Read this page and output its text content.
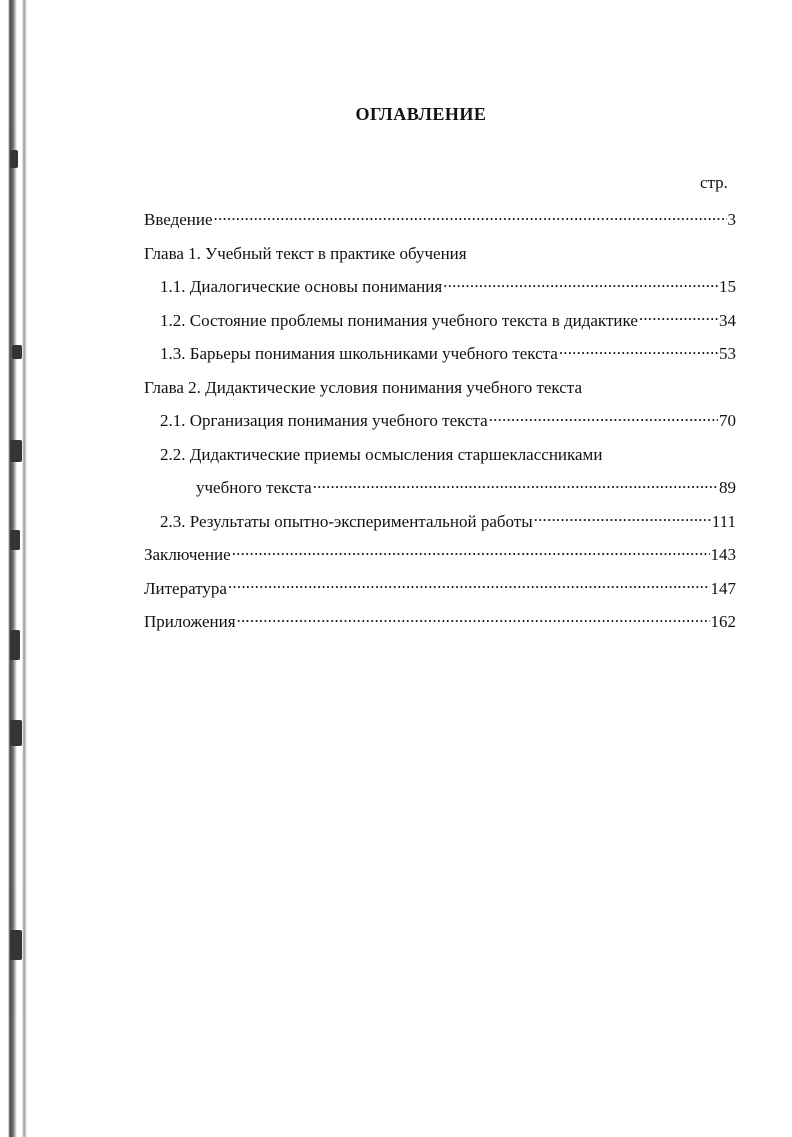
ОГЛАВЛЕНИЕ
стр.
Введение .....	3
Глава 1. Учебный текст в практике обучения
1.1. Диалогические основы понимания .....	15
1.2. Состояние проблемы понимания учебного текста в дидактике .....	34
1.3. Барьеры понимания школьниками учебного текста .....	53
Глава 2. Дидактические условия понимания учебного текста
2.1. Организация понимания учебного текста .....	70
2.2. Дидактические приемы осмысления старшеклассниками
учебного текста .....	89
2.3. Результаты опытно-экспериментальной работы .....	111
Заключение .....	143
Литература .....	147
Приложения .....	162
